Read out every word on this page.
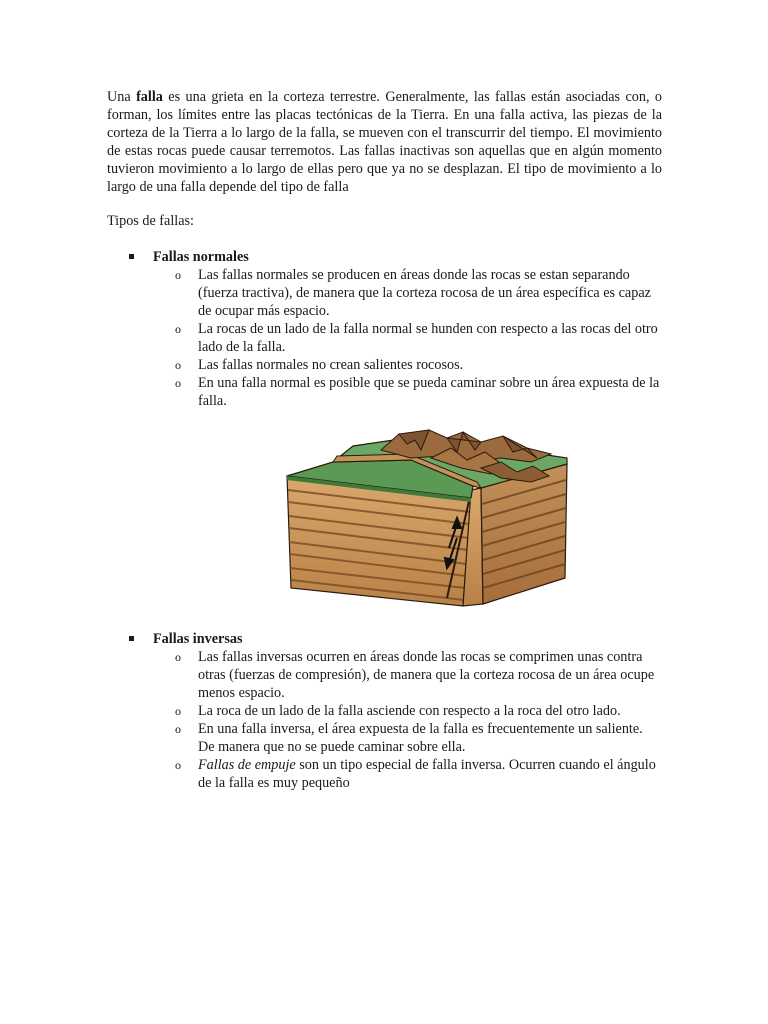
Una falla es una grieta en la corteza terrestre. Generalmente, las fallas están asociadas con, o forman, los límites entre las placas tectónicas de la Tierra. En una falla activa, las piezas de la corteza de la Tierra a lo largo de la falla, se mueven con el transcurrir del tiempo. El movimiento de estas rocas puede causar terremotos. Las fallas inactivas son aquellas que en algún momento tuvieron movimiento a lo largo de ellas pero que ya no se desplazan. El tipo de movimiento a lo largo de una falla depende del tipo de falla

Tipos de fallas:

Fallas normales
o Las fallas normales se producen en áreas donde las rocas se estan separando (fuerza tractiva), de manera que la corteza rocosa de un área específica es capaz de ocupar más espacio.
o La rocas de un lado de la falla normal se hunden con respecto a las rocas del otro lado de la falla.
o Las fallas normales no crean salientes rocosos.
o En una falla normal es posible que se pueda caminar sobre un área expuesta de la falla.
Fallas inversas
o Las fallas inversas ocurren en áreas donde las rocas se comprimen unas contra otras (fuerzas de compresión), de manera que la corteza rocosa de un área ocupe menos espacio.
o La roca de un lado de la falla asciende con respecto a la roca del otro lado.
o En una falla inversa, el área expuesta de la falla es frecuentemente un saliente. De manera que no se puede caminar sobre ella.
o Fallas de empuje son un tipo especial de falla inversa. Ocurren cuando el ángulo de la falla es muy pequeño
